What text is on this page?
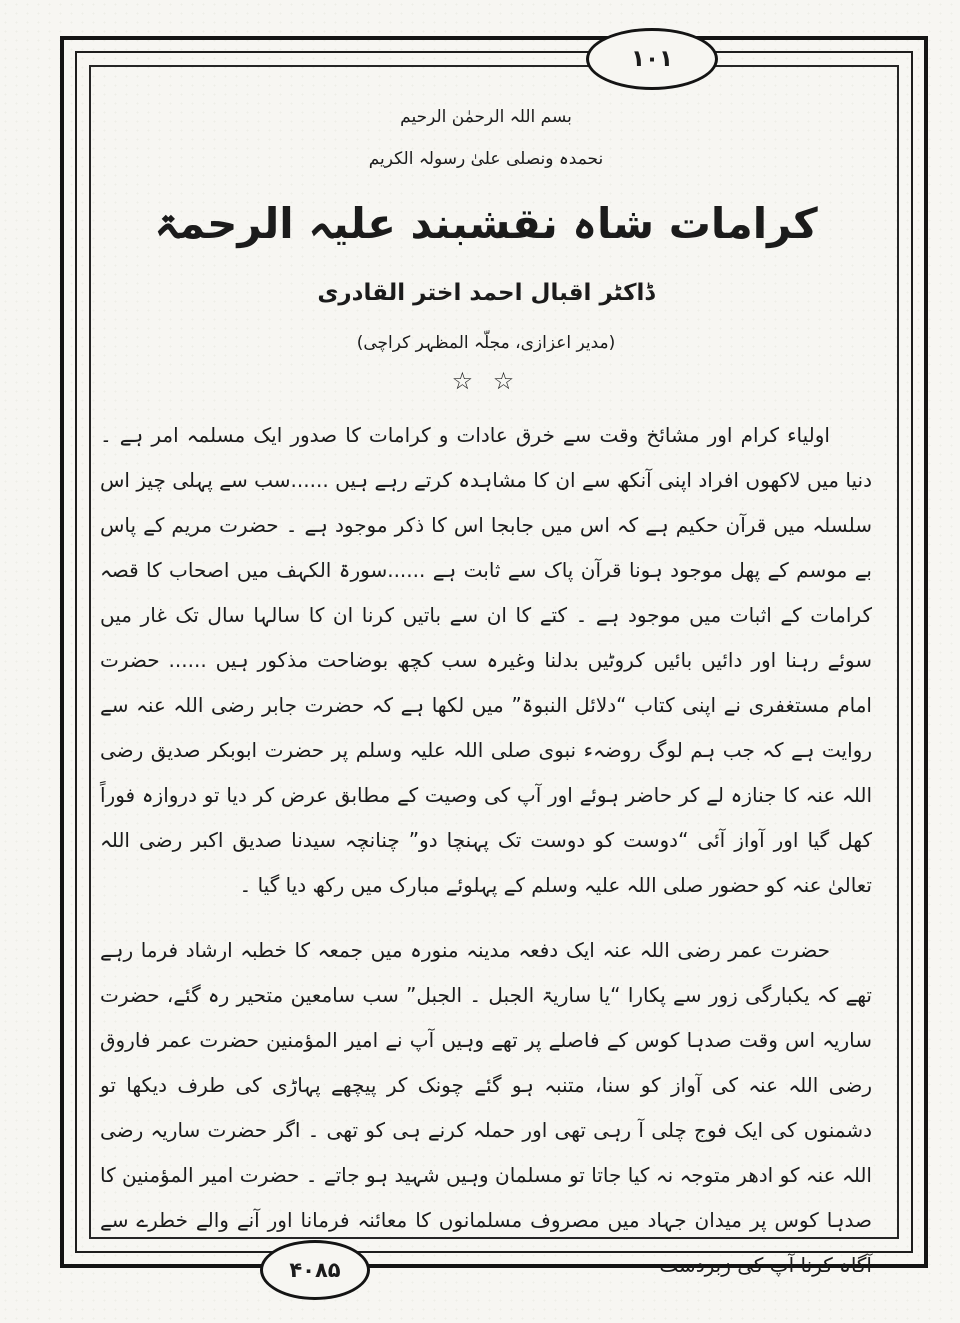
۱۰۱
۴۰۸۵
بسم اللہ الرحمٰن الرحیم
نحمدہ ونصلی علیٰ رسولہ الکریم
کرامات شاہ نقشبند علیہ الرحمۃ
ڈاکٹر اقبال احمد اختر القادری
(مدیر اعزازی، مجلّہ المظہر کراچی)
☆ ☆

اولیاء کرام اور مشائخ وقت سے خرق عادات و کرامات کا صدور ایک مسلمہ امر ہے ۔ دنیا میں لاکھوں افراد اپنی آنکھ سے ان کا مشاہدہ کرتے رہے ہیں ......سب سے پہلی چیز اس سلسلہ میں قرآن حکیم ہے کہ اس میں جابجا اس کا ذکر موجود ہے ۔ حضرت مریم کے پاس بے موسم کے پھل موجود ہونا قرآن پاک سے ثابت ہے ......سورۃ الکہف میں اصحاب کا قصہ کرامات کے اثبات میں موجود ہے ۔ کتے کا ان سے باتیں کرنا ان کا سالہا سال تک غار میں سوئے رہنا اور دائیں بائیں کروٹیں بدلنا وغیرہ سب کچھ بوضاحت مذکور ہیں ...... حضرت امام مستغفری نے اپنی کتاب “دلائل النبوۃ” میں لکھا ہے کہ حضرت جابر رضی اللہ عنہ سے روایت ہے کہ جب ہم لوگ روضہء نبوی صلی اللہ علیہ وسلم پر حضرت ابوبکر صدیق رضی اللہ عنہ کا جنازہ لے کر حاضر ہوئے اور آپ کی وصیت کے مطابق عرض کر دیا تو دروازہ فوراً کھل گیا اور آواز آئی “دوست کو دوست تک پہنچا دو” چنانچہ سیدنا صدیق اکبر رضی اللہ تعالیٰ عنہ کو حضور صلی اللہ علیہ وسلم کے پہلوئے مبارک میں رکھ دیا گیا ۔

حضرت عمر رضی اللہ عنہ ایک دفعہ مدینہ منورہ میں جمعہ کا خطبہ ارشاد فرما رہے تھے کہ یکبارگی زور سے پکارا “یا ساریۃ الجبل ۔ الجبل” سب سامعین متحیر رہ گئے، حضرت ساریہ اس وقت صدہا کوس کے فاصلے پر تھے وہیں آپ نے امیر المؤمنین حضرت عمر فاروق رضی اللہ عنہ کی آواز کو سنا، متنبہ ہو گئے چونک کر پیچھے پہاڑی کی طرف دیکھا تو دشمنوں کی ایک فوج چلی آ رہی تھی اور حملہ کرنے ہی کو تھی ۔ اگر حضرت ساریہ رضی اللہ عنہ کو ادھر متوجہ نہ کیا جاتا تو مسلمان وہیں شہید ہو جاتے ۔ حضرت امیر المؤمنین کا صدہا کوس پر میدان جہاد میں مصروف مسلمانوں کا معائنہ فرمانا اور آنے والے خطرے سے آگاہ کرنا آپ کی زبردست
